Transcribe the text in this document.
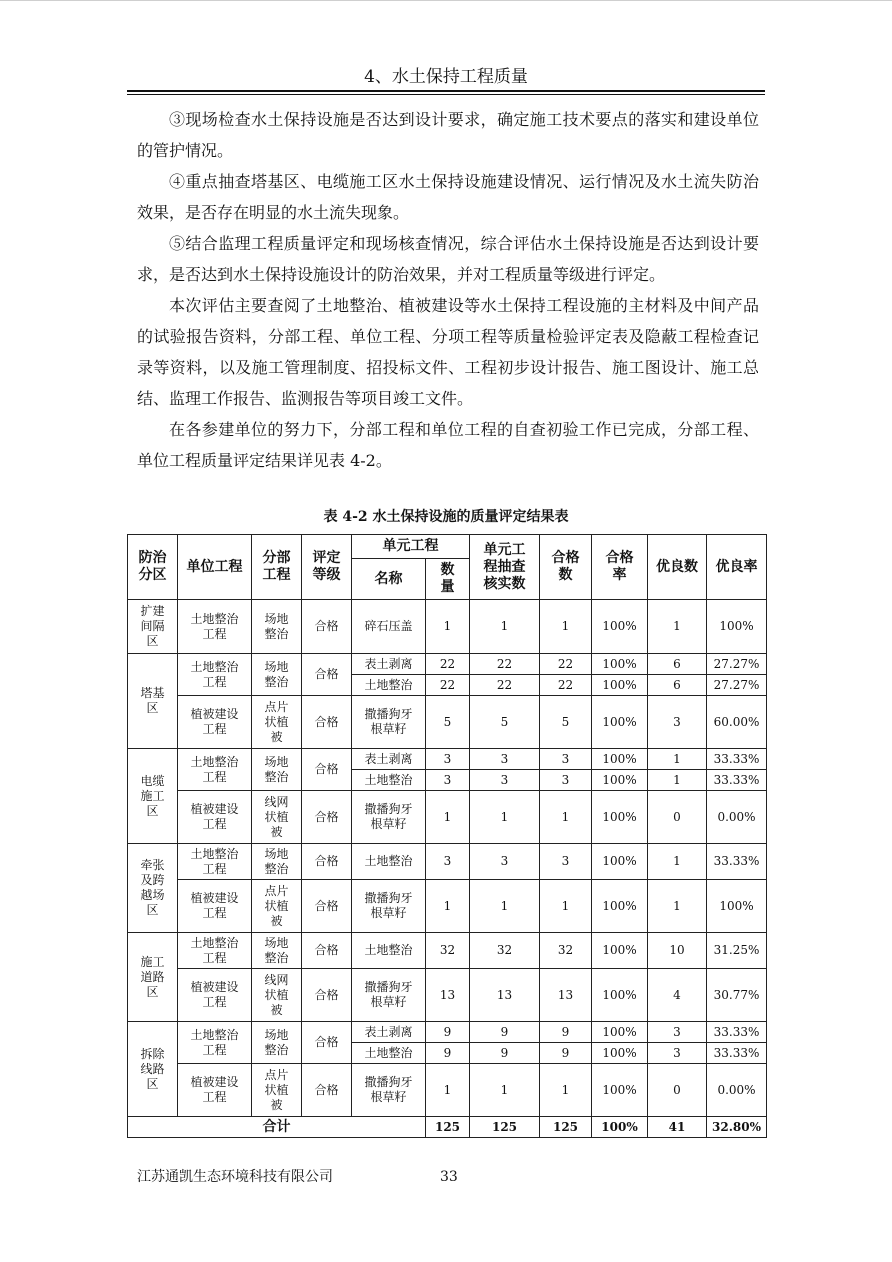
4、水土保持工程质量

③现场检查水土保持设施是否达到设计要求，确定施工技术要点的落实和建设单位的管护情况。

④重点抽查塔基区、电缆施工区水土保持设施建设情况、运行情况及水土流失防治效果，是否存在明显的水土流失现象。

⑤结合监理工程质量评定和现场核查情况，综合评估水土保持设施是否达到设计要求，是否达到水土保持设施设计的防治效果，并对工程质量等级进行评定。

本次评估主要查阅了土地整治、植被建设等水土保持工程设施的主材料及中间产品的试验报告资料，分部工程、单位工程、分项工程等质量检验评定表及隐蔽工程检查记录等资料，以及施工管理制度、招投标文件、工程初步设计报告、施工图设计、施工总结、监理工作报告、监测报告等项目竣工文件。

在各参建单位的努力下，分部工程和单位工程的自查初验工作已完成，分部工程、单位工程质量评定结果详见表 4-2。

表 4-2 水土保持设施的质量评定结果表
防治分区	单位工程	分部工程	评定等级	单元工程		单元工程抽查核实数	合格数	合格率	优良数	优良率
				名称	数量					
扩建间隔区	土地整治工程	场地整治	合格	碎石压盖	1	1	1	100%	1	100%
塔基区	土地整治工程	场地整治	合格	表土剥离	22	22	22	100%	6	27.27%
				土地整治	22	22	22	100%	6	27.27%
	植被建设工程	点片状植被	合格	撒播狗牙根草籽	5	5	5	100%	3	60.00%
电缆施工区	土地整治工程	场地整治	合格	表土剥离	3	3	3	100%	1	33.33%
				土地整治	3	3	3	100%	1	33.33%
	植被建设工程	线网状植被	合格	撒播狗牙根草籽	1	1	1	100%	0	0.00%
牵张及跨越场区	土地整治工程	场地整治	合格	土地整治	3	3	3	100%	1	33.33%
	植被建设工程	点片状植被	合格	撒播狗牙根草籽	1	1	1	100%	1	100%
施工道路区	土地整治工程	场地整治	合格	土地整治	32	32	32	100%	10	31.25%
	植被建设工程	线网状植被	合格	撒播狗牙根草籽	13	13	13	100%	4	30.77%
拆除线路区	土地整治工程	场地整治	合格	表土剥离	9	9	9	100%	3	33.33%
				土地整治	9	9	9	100%	3	33.33%
	植被建设工程	点片状植被	合格	撒播狗牙根草籽	1	1	1	100%	0	0.00%
合计					125	125	125	100%	41	32.80%
江苏通凯生态环境科技有限公司	33
